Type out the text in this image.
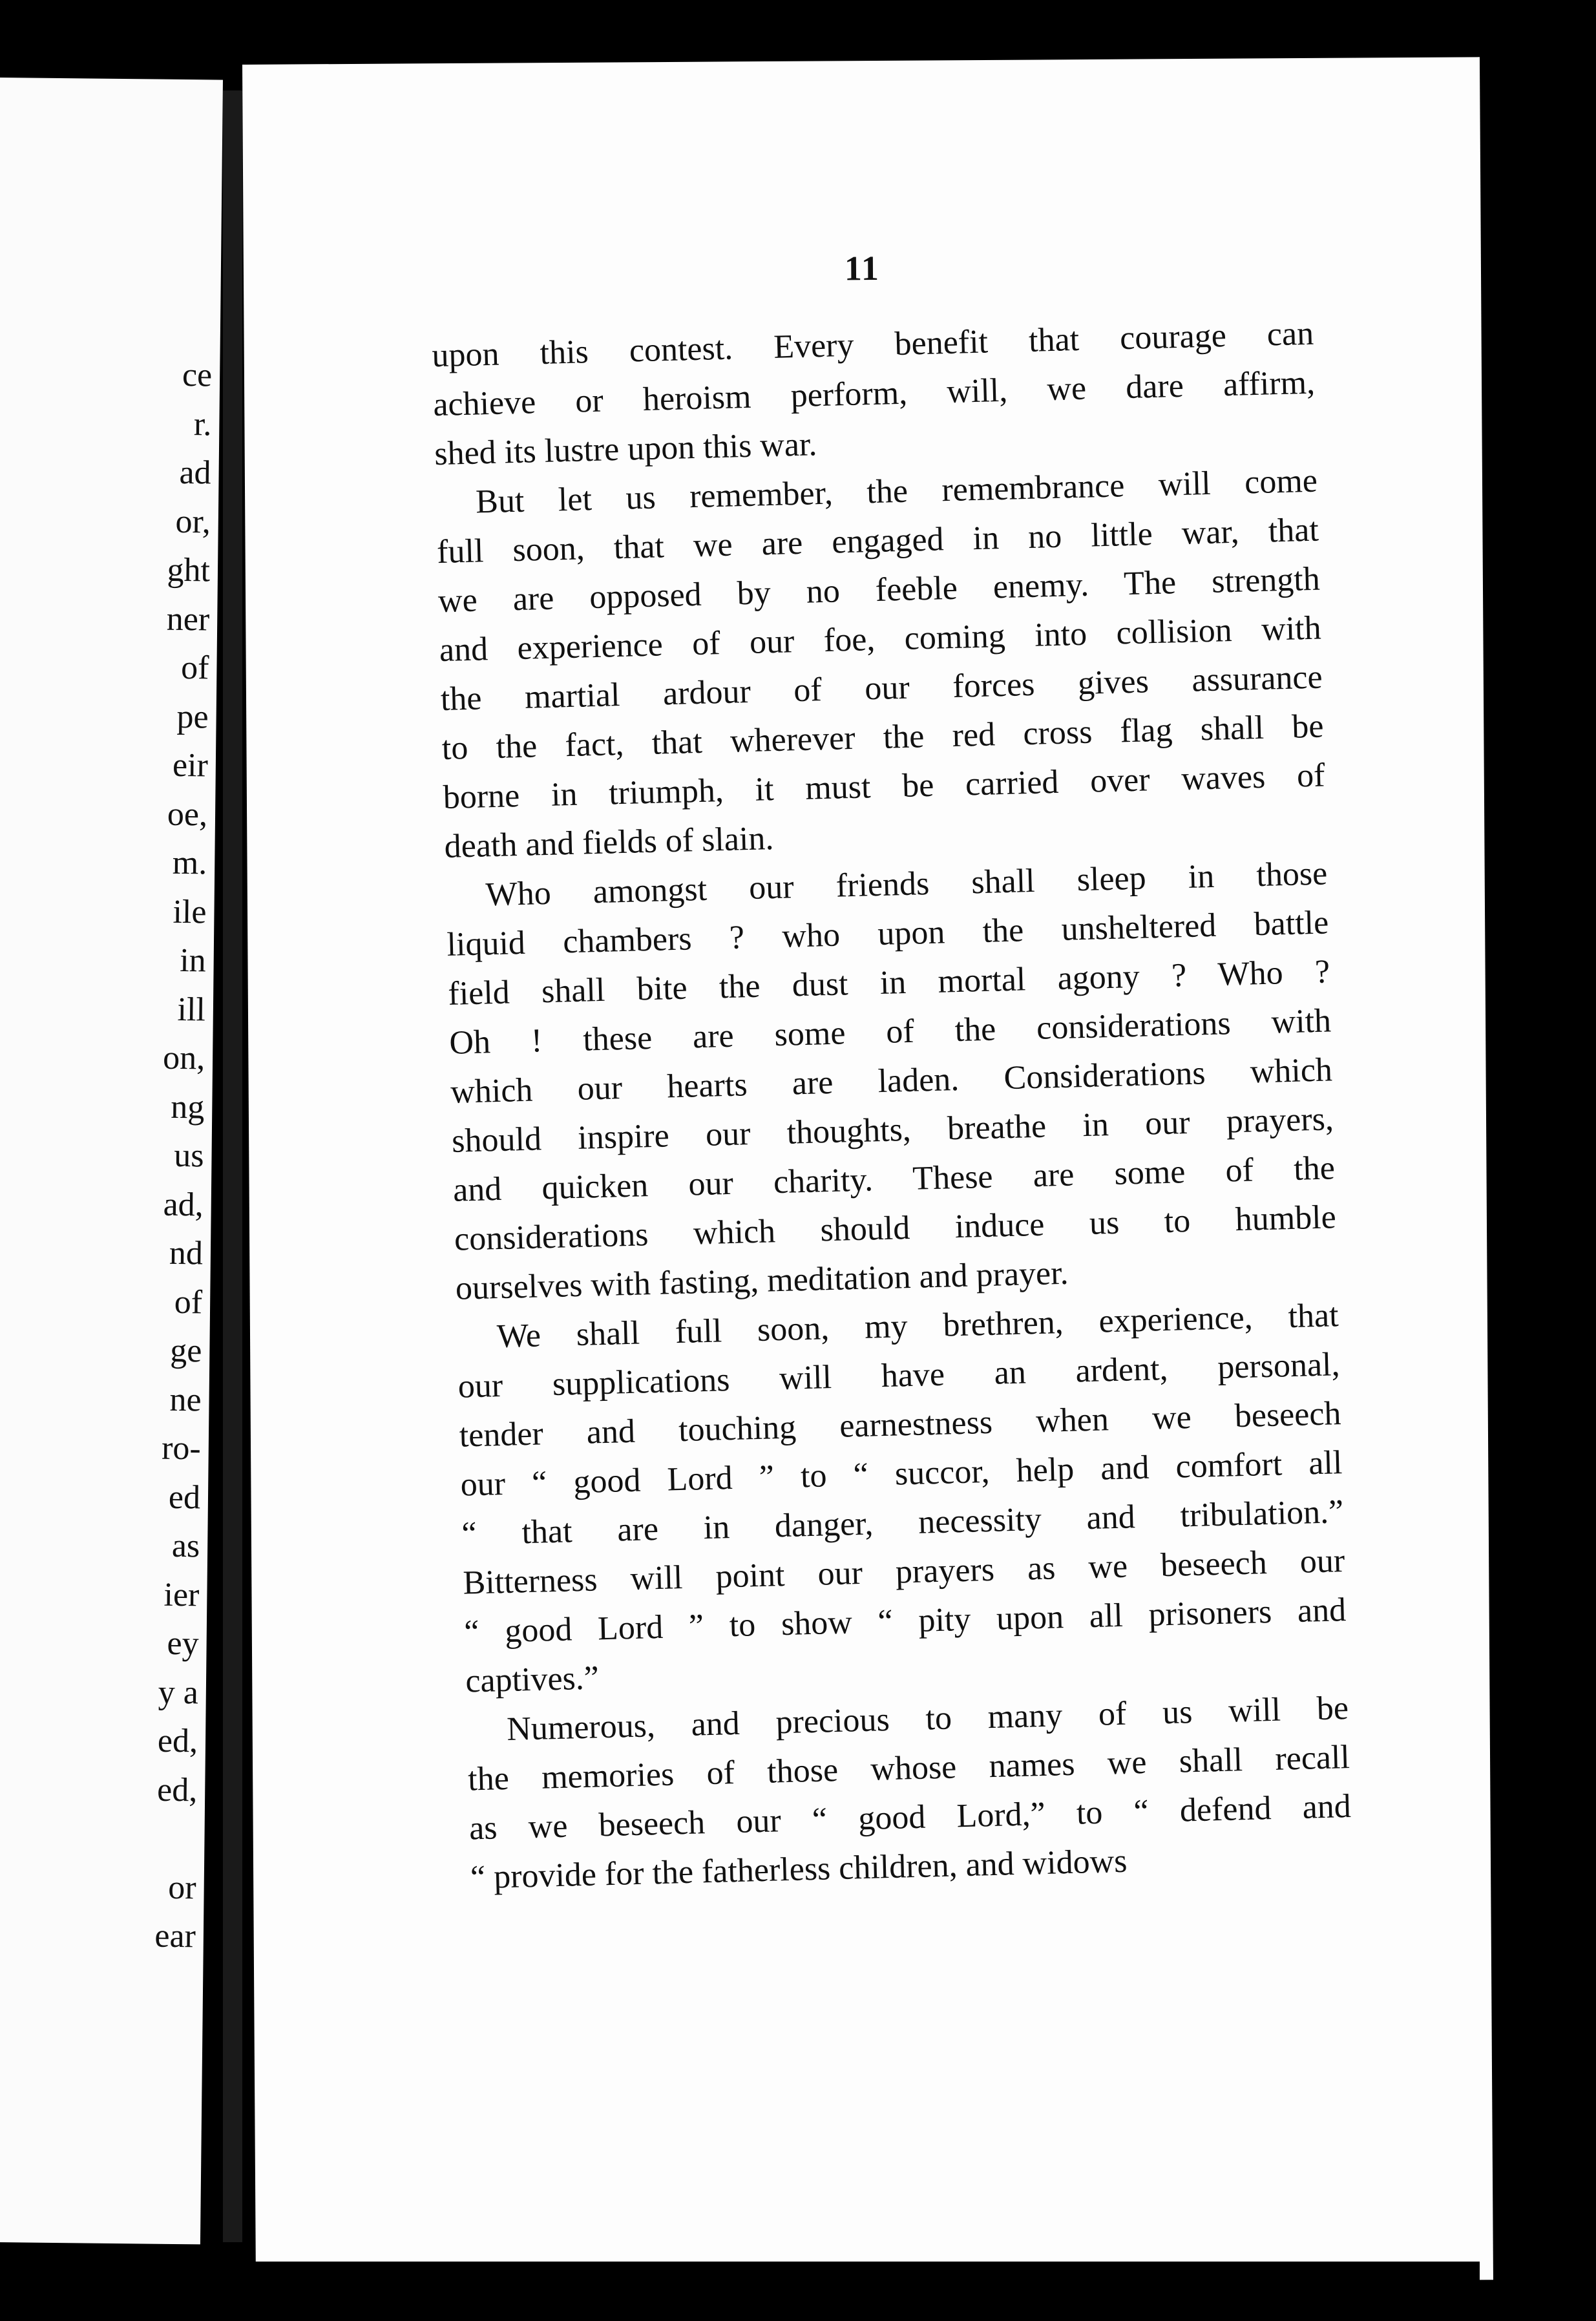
ce
r.
ad
or,
ght
ner
of
pe
eir
oe,
m.
ile
in
ill
on,
ng
us
ad,
nd
of
ge
ne
ro-
ed
as
ier
ey
y a
ed,
ed,
or
ear
11
upon this contest. Every benefit that courage can
achieve or heroism perform, will, we dare affirm,
shed its lustre upon this war.
But let us remember, the remembrance will come
full soon, that we are engaged in no little war, that
we are opposed by no feeble enemy. The strength
and experience of our foe, coming into collision with
the martial ardour of our forces gives assurance
to the fact, that wherever the red cross flag shall be
borne in triumph, it must be carried over waves of
death and fields of slain.
Who amongst our friends shall sleep in those
liquid chambers ? who upon the unsheltered battle
field shall bite the dust in mortal agony ? Who ?
Oh ! these are some of the considerations with
which our hearts are laden. Considerations which
should inspire our thoughts, breathe in our prayers,
and quicken our charity. These are some of the
considerations which should induce us to humble
ourselves with fasting, meditation and prayer.
We shall full soon, my brethren, experience, that
our supplications will have an ardent, personal,
tender and touching earnestness when we beseech
our “ good Lord ” to “ succor, help and comfort all
“ that are in danger, necessity and tribulation.”
Bitterness will point our prayers as we beseech our
“ good Lord ” to show “ pity upon all prisoners and
captives.”
Numerous, and precious to many of us will be
the memories of those whose names we shall recall
as we beseech our “ good Lord,” to “ defend and
“ provide for the fatherless children, and widows
